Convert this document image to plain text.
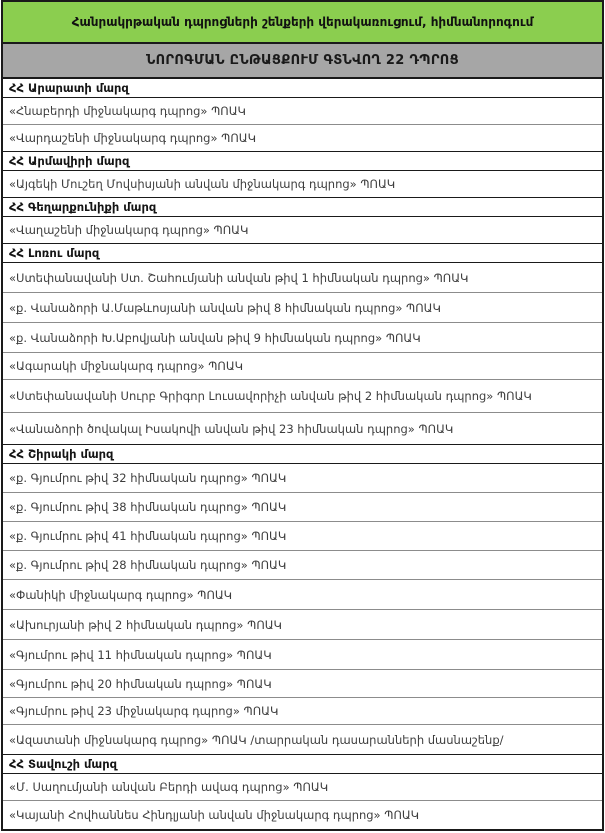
Հանրակրթական դպրոցների շենքերի վերակառուցում, հիմնանորոգում
ՆՈՐՈԳՄԱՆ ԸՆԹԱՑՔՈՒՄ ԳՏՆՎՈՂ 22 ԴՊՐՈՑ
ՀՀ Արարատի մարզ
«Հնաբերդի միջնակարգ դպրոց» ՊՈԱԿ
«Վարդաշենի միջնակարգ դպրոց» ՊՈԱԿ
ՀՀ Արմավիրի մարզ
«Այգեկի Մուշեղ Մովսիսյանի անվան միջնակարգ դպրոց» ՊՈԱԿ
ՀՀ Գեղարքունիքի մարզ
«Վաղաշենի միջնակարգ դպրոց» ՊՈԱԿ
ՀՀ Լոռու մարզ
«Ստեփանավանի Ստ. Շահումյանի անվան թիվ 1 հիմնական դպրոց» ՊՈԱԿ
«ք. Վանաձորի Ա.Մաթևոսյանի անվան թիվ 8 հիմնական դպրոց» ՊՈԱԿ
«ք. Վանաձորի Խ.Աբովյանի անվան թիվ 9 հիմնական դպրոց» ՊՈԱԿ
«Ագարակի միջնակարգ դպրոց» ՊՈԱԿ
«Ստեփանավանի Սուրբ Գրիգոր Լուսավորիչի անվան թիվ 2 հիմնական դպրոց» ՊՈԱԿ
«Վանաձորի ծովակալ Իսակովի անվան թիվ 23 հիմնական դպրոց» ՊՈԱԿ
ՀՀ Շիրակի մարզ
«ք. Գյումրու թիվ 32 հիմնական դպրոց» ՊՈԱԿ
«ք. Գյումրու թիվ 38 հիմնական դպրոց» ՊՈԱԿ
«ք. Գյումրու թիվ 41 հիմնական դպրոց» ՊՈԱԿ
«ք. Գյումրու թիվ 28 հիմնական դպրոց» ՊՈԱԿ
«Փանիկի միջնակարգ դպրոց» ՊՈԱԿ
«Ախուրյանի թիվ 2 հիմնական դպրոց» ՊՈԱԿ
«Գյումրու թիվ 11 հիմնական դպրոց» ՊՈԱԿ
«Գյումրու թիվ 20 հիմնական դպրոց» ՊՈԱԿ
«Գյումրու թիվ 23 միջնակարգ դպրոց» ՊՈԱԿ
«Ազատանի միջնակարգ դպրոց» ՊՈԱԿ /տարրական դասարանների մասնաշենք/
ՀՀ Տավուշի մարզ
«Մ. Սաղումյանի անվան Բերդի ավագ դպրոց» ՊՈԱԿ
«Կայանի Հովհաննես Հինդլյանի անվան միջնակարգ դպրոց» ՊՈԱԿ
